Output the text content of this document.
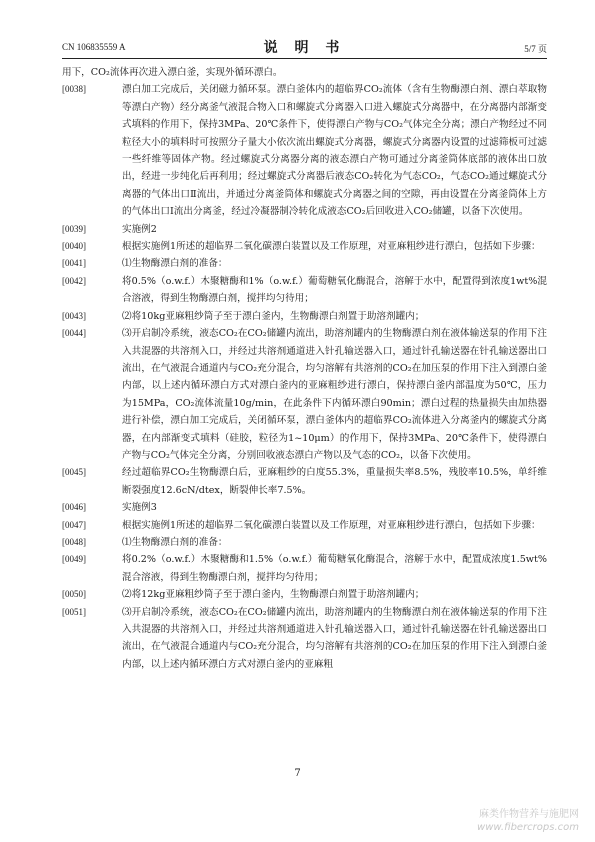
CN 106835559 A	说 明 书	5/7 页

用下，CO₂流体再次进入漂白釜，实现外循环漂白。

[0038]	漂白加工完成后，关闭磁力循环泵。漂白釜体内的超临界CO₂流体（含有生物酶漂白剂、漂白萃取物等漂白产物）经分离釜气液混合物入口和螺旋式分离器入口进入螺旋式分离器中，在分离器内部渐变式填料的作用下，保持3MPa、20℃条件下，使得漂白产物与CO₂气体完全分离；漂白产物经过不同粒径大小的填料时可按照分子量大小依次流出螺旋式分离器，螺旋式分离器内设置的过滤筛板可过滤一些纤维等固体产物。经过螺旋式分离器分离的液态漂白产物可通过分离釜筒体底部的液体出口放出，经进一步纯化后再利用；经过螺旋式分离器后液态CO₂转化为气态CO₂，气态CO₂通过螺旋式分离器的气体出口Ⅱ流出，并通过分离釜筒体和螺旋式分离器之间的空隙，再由设置在分离釜筒体上方的气体出口Ⅰ流出分离釜，经过冷凝器制冷转化成液态CO₂后回收进入CO₂储罐，以备下次使用。

[0039]	实施例2

[0040]	根据实施例1所述的超临界二氧化碳漂白装置以及工作原理，对亚麻粗纱进行漂白，包括如下步骤：

[0041]	⑴生物酶漂白剂的准备：

[0042]	将0.5%（o.w.f.）木聚糖酶和1%（o.w.f.）葡萄糖氧化酶混合，溶解于水中，配置得到浓度1wt%混合溶液，得到生物酶漂白剂，搅拌均匀待用；

[0043]	⑵将10kg亚麻粗纱筒子至于漂白釜内，生物酶漂白剂置于助溶剂罐内；

[0044]	⑶开启制冷系统，液态CO₂在CO₂储罐内流出，助溶剂罐内的生物酶漂白剂在液体输送泵的作用下注入共混器的共溶剂入口，并经过共溶剂通道进入针孔输送器入口，通过针孔输送器在针孔输送器出口流出，在气液混合通道内与CO₂充分混合，均匀溶解有共溶剂的CO₂在加压泵的作用下注入到漂白釜内部，以上述内循环漂白方式对漂白釜内的亚麻粗纱进行漂白，保持漂白釜内部温度为50℃，压力为15MPa，CO₂流体流量10g/min，在此条件下内循环漂白90min；漂白过程的热量损失由加热器进行补偿，漂白加工完成后，关闭循环泵，漂白釜体内的超临界CO₂流体进入分离釜内的螺旋式分离器，在内部渐变式填料（硅胶，粒径为1~10μm）的作用下，保持3MPa、20℃条件下，使得漂白产物与CO₂气体完全分离，分别回收液态漂白产物以及气态的CO₂，以备下次使用。

[0045]	经过超临界CO₂生物酶漂白后，亚麻粗纱的白度55.3%，重量损失率8.5%，残胶率10.5%，单纤维断裂强度12.6cN/dtex，断裂伸长率7.5%。

[0046]	实施例3

[0047]	根据实施例1所述的超临界二氧化碳漂白装置以及工作原理，对亚麻粗纱进行漂白，包括如下步骤：

[0048]	⑴生物酶漂白剂的准备：

[0049]	将0.2%（o.w.f.）木聚糖酶和1.5%（o.w.f.）葡萄糖氧化酶混合，溶解于水中，配置成浓度1.5wt%混合溶液，得到生物酶漂白剂，搅拌均匀待用；

[0050]	⑵将12kg亚麻粗纱筒子至于漂白釜内，生物酶漂白剂置于助溶剂罐内；

[0051]	⑶开启制冷系统，液态CO₂在CO₂储罐内流出，助溶剂罐内的生物酶漂白剂在液体输送泵的作用下注入共混器的共溶剂入口，并经过共溶剂通道进入针孔输送器入口，通过针孔输送器在针孔输送器出口流出，在气液混合通道内与CO₂充分混合，均匀溶解有共溶剂的CO₂在加压泵的作用下注入到漂白釜内部，以上述内循环漂白方式对漂白釜内的亚麻粗

7
麻类作物营养与施肥网
www.fibercrops.com
